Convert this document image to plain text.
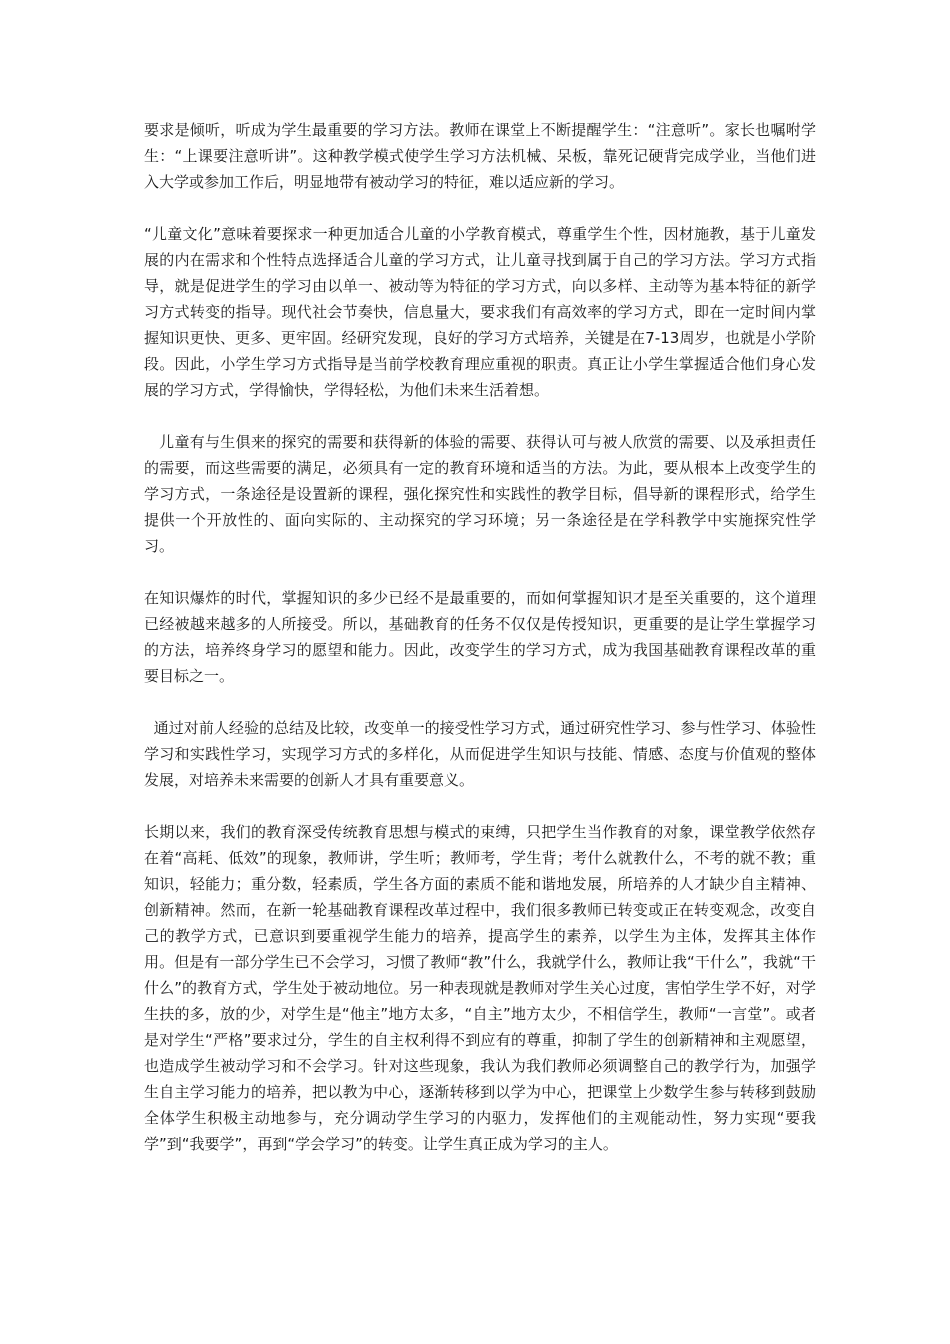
要求是倾听，听成为学生最重要的学习方法。教师在课堂上不断提醒学生：“注意听”。家长也嘱咐学生：“上课要注意听讲”。这种教学模式使学生学习方法机械、呆板，靠死记硬背完成学业，当他们进入大学或参加工作后，明显地带有被动学习的特征，难以适应新的学习。

“儿童文化”意味着要探求一种更加适合儿童的小学教育模式，尊重学生个性，因材施教，基于儿童发展的内在需求和个性特点选择适合儿童的学习方式，让儿童寻找到属于自己的学习方法。学习方式指导，就是促进学生的学习由以单一、被动等为特征的学习方式，向以多样、主动等为基本特征的新学习方式转变的指导。现代社会节奏快，信息量大，要求我们有高效率的学习方式，即在一定时间内掌握知识更快、更多、更牢固。经研究发现，良好的学习方式培养，关键是在7-13周岁，也就是小学阶段。因此，小学生学习方式指导是当前学校教育理应重视的职责。真正让小学生掌握适合他们身心发展的学习方式，学得愉快，学得轻松，为他们未来生活着想。

儿童有与生俱来的探究的需要和获得新的体验的需要、获得认可与被人欣赏的需要、以及承担责任的需要，而这些需要的满足，必须具有一定的教育环境和适当的方法。为此，要从根本上改变学生的学习方式，一条途径是设置新的课程，强化探究性和实践性的教学目标，倡导新的课程形式，给学生提供一个开放性的、面向实际的、主动探究的学习环境；另一条途径是在学科教学中实施探究性学习。

在知识爆炸的时代，掌握知识的多少已经不是最重要的，而如何掌握知识才是至关重要的，这个道理已经被越来越多的人所接受。所以，基础教育的任务不仅仅是传授知识，更重要的是让学生掌握学习的方法，培养终身学习的愿望和能力。因此，改变学生的学习方式，成为我国基础教育课程改革的重要目标之一。

通过对前人经验的总结及比较，改变单一的接受性学习方式，通过研究性学习、参与性学习、体验性学习和实践性学习，实现学习方式的多样化，从而促进学生知识与技能、情感、态度与价值观的整体发展，对培养未来需要的创新人才具有重要意义。

长期以来，我们的教育深受传统教育思想与模式的束缚，只把学生当作教育的对象，课堂教学依然存在着“高耗、低效”的现象，教师讲，学生听；教师考，学生背；考什么就教什么，不考的就不教；重知识，轻能力；重分数，轻素质，学生各方面的素质不能和谐地发展，所培养的人才缺少自主精神、创新精神。然而，在新一轮基础教育课程改革过程中，我们很多教师已转变或正在转变观念，改变自己的教学方式，已意识到要重视学生能力的培养，提高学生的素养，以学生为主体，发挥其主体作用。但是有一部分学生已不会学习，习惯了教师“教”什么，我就学什么，教师让我“干什么”，我就“干什么”的教育方式，学生处于被动地位。另一种表现就是教师对学生关心过度，害怕学生学不好，对学生扶的多，放的少，对学生是“他主”地方太多，“自主”地方太少，不相信学生，教师“一言堂”。或者是对学生“严格”要求过分，学生的自主权利得不到应有的尊重，抑制了学生的创新精神和主观愿望，也造成学生被动学习和不会学习。针对这些现象，我认为我们教师必须调整自己的教学行为，加强学生自主学习能力的培养，把以教为中心，逐渐转移到以学为中心，把课堂上少数学生参与转移到鼓励全体学生积极主动地参与，充分调动学生学习的内驱力，发挥他们的主观能动性，努力实现“要我学”到“我要学”，再到“学会学习”的转变。让学生真正成为学习的主人。
